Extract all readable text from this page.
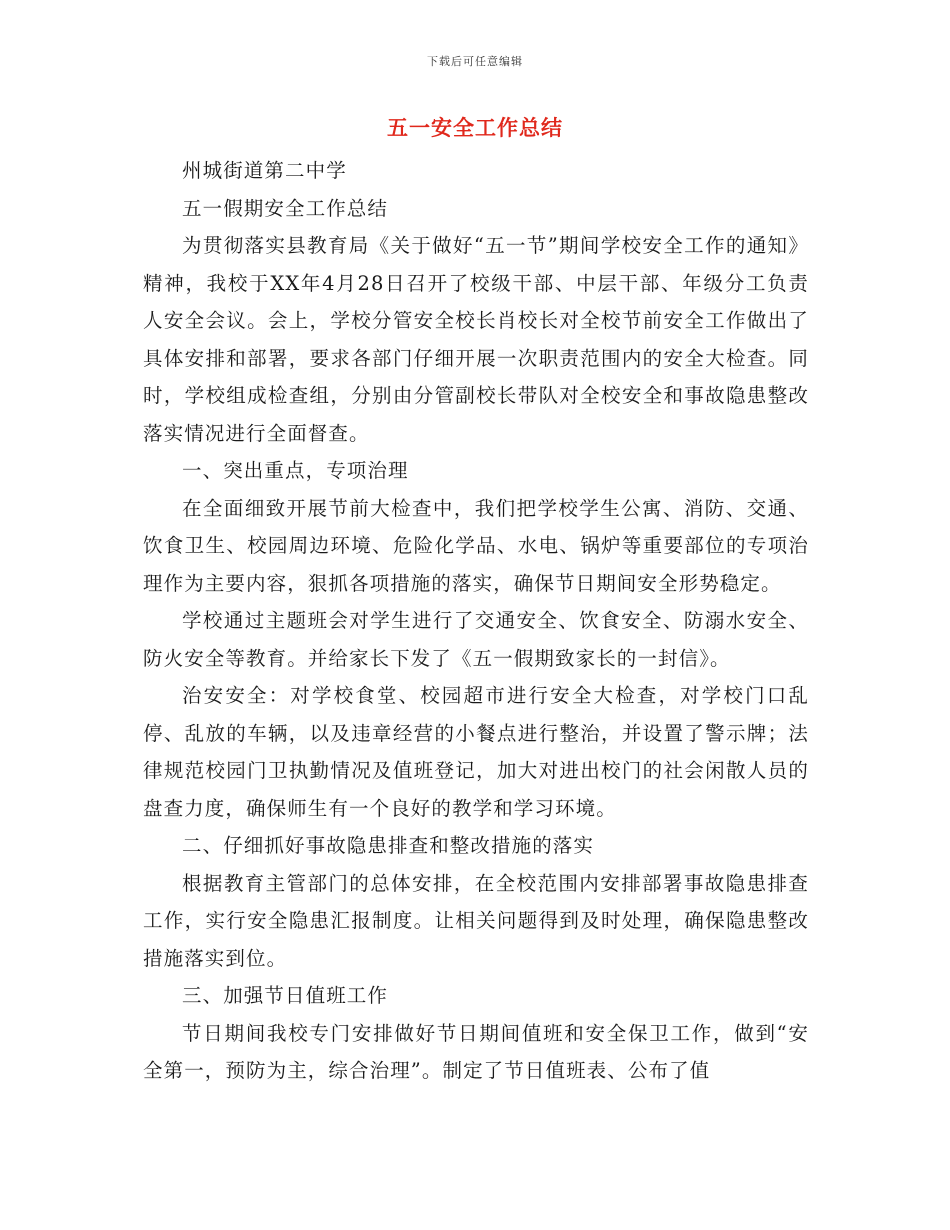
下载后可任意编辑
五一安全工作总结

州城街道第二中学

五一假期安全工作总结

为贯彻落实县教育局《关于做好“五一节”期间学校安全工作的通知》精神，我校于XX年4月28日召开了校级干部、中层干部、年级分工负责人安全会议。会上，学校分管安全校长肖校长对全校节前安全工作做出了具体安排和部署，要求各部门仔细开展一次职责范围内的安全大检查。同时，学校组成检查组，分别由分管副校长带队对全校安全和事故隐患整改落实情况进行全面督查。

一、突出重点，专项治理

在全面细致开展节前大检查中，我们把学校学生公寓、消防、交通、饮食卫生、校园周边环境、危险化学品、水电、锅炉等重要部位的专项治理作为主要内容，狠抓各项措施的落实，确保节日期间安全形势稳定。

学校通过主题班会对学生进行了交通安全、饮食安全、防溺水安全、防火安全等教育。并给家长下发了《五一假期致家长的一封信》。

治安安全：对学校食堂、校园超市进行安全大检查，对学校门口乱停、乱放的车辆，以及违章经营的小餐点进行整治，并设置了警示牌；法律规范校园门卫执勤情况及值班登记，加大对进出校门的社会闲散人员的盘查力度，确保师生有一个良好的教学和学习环境。

二、仔细抓好事故隐患排查和整改措施的落实

根据教育主管部门的总体安排，在全校范围内安排部署事故隐患排查工作，实行安全隐患汇报制度。让相关问题得到及时处理，确保隐患整改措施落实到位。

三、加强节日值班工作

节日期间我校专门安排做好节日期间值班和安全保卫工作，做到“安全第一，预防为主，综合治理”。制定了节日值班表、公布了值
